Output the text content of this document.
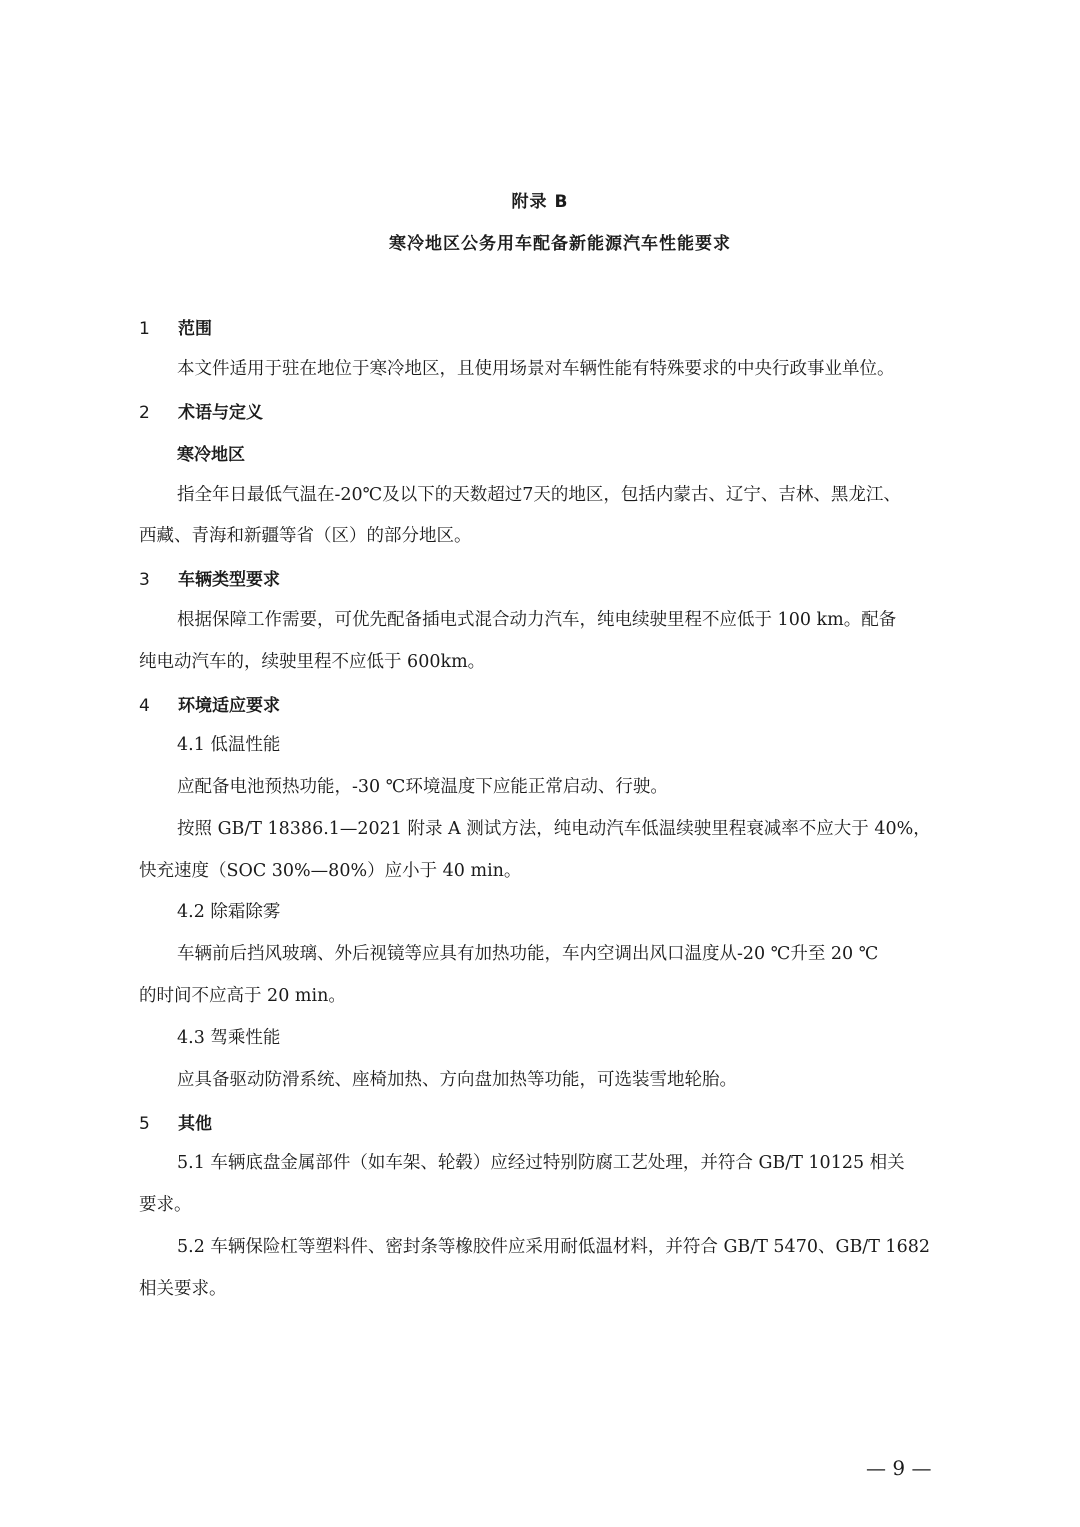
附录 B
寒冷地区公务用车配备新能源汽车性能要求
1 范围
本文件适用于驻在地位于寒冷地区，且使用场景对车辆性能有特殊要求的中央行政事业单位。
2 术语与定义
寒冷地区
指全年日最低气温在-20℃及以下的天数超过7天的地区，包括内蒙古、辽宁、吉林、黑龙江、
西藏、青海和新疆等省（区）的部分地区。
3 车辆类型要求
根据保障工作需要，可优先配备插电式混合动力汽车，纯电续驶里程不应低于 100 km。配备
纯电动汽车的，续驶里程不应低于 600km。
4 环境适应要求
4.1 低温性能
应配备电池预热功能，-30 ℃环境温度下应能正常启动、行驶。
按照 GB/T 18386.1—2021 附录 A 测试方法，纯电动汽车低温续驶里程衰减率不应大于 40%，
快充速度（SOC 30%—80%）应小于 40 min。
4.2 除霜除雾
车辆前后挡风玻璃、外后视镜等应具有加热功能，车内空调出风口温度从-20 ℃升至 20 ℃
的时间不应高于 20 min。
4.3 驾乘性能
应具备驱动防滑系统、座椅加热、方向盘加热等功能，可选装雪地轮胎。
5 其他
5.1 车辆底盘金属部件（如车架、轮毂）应经过特别防腐工艺处理，并符合 GB/T 10125 相关
要求。
5.2 车辆保险杠等塑料件、密封条等橡胶件应采用耐低温材料，并符合 GB/T 5470、GB/T 1682
相关要求。
— 9 —
